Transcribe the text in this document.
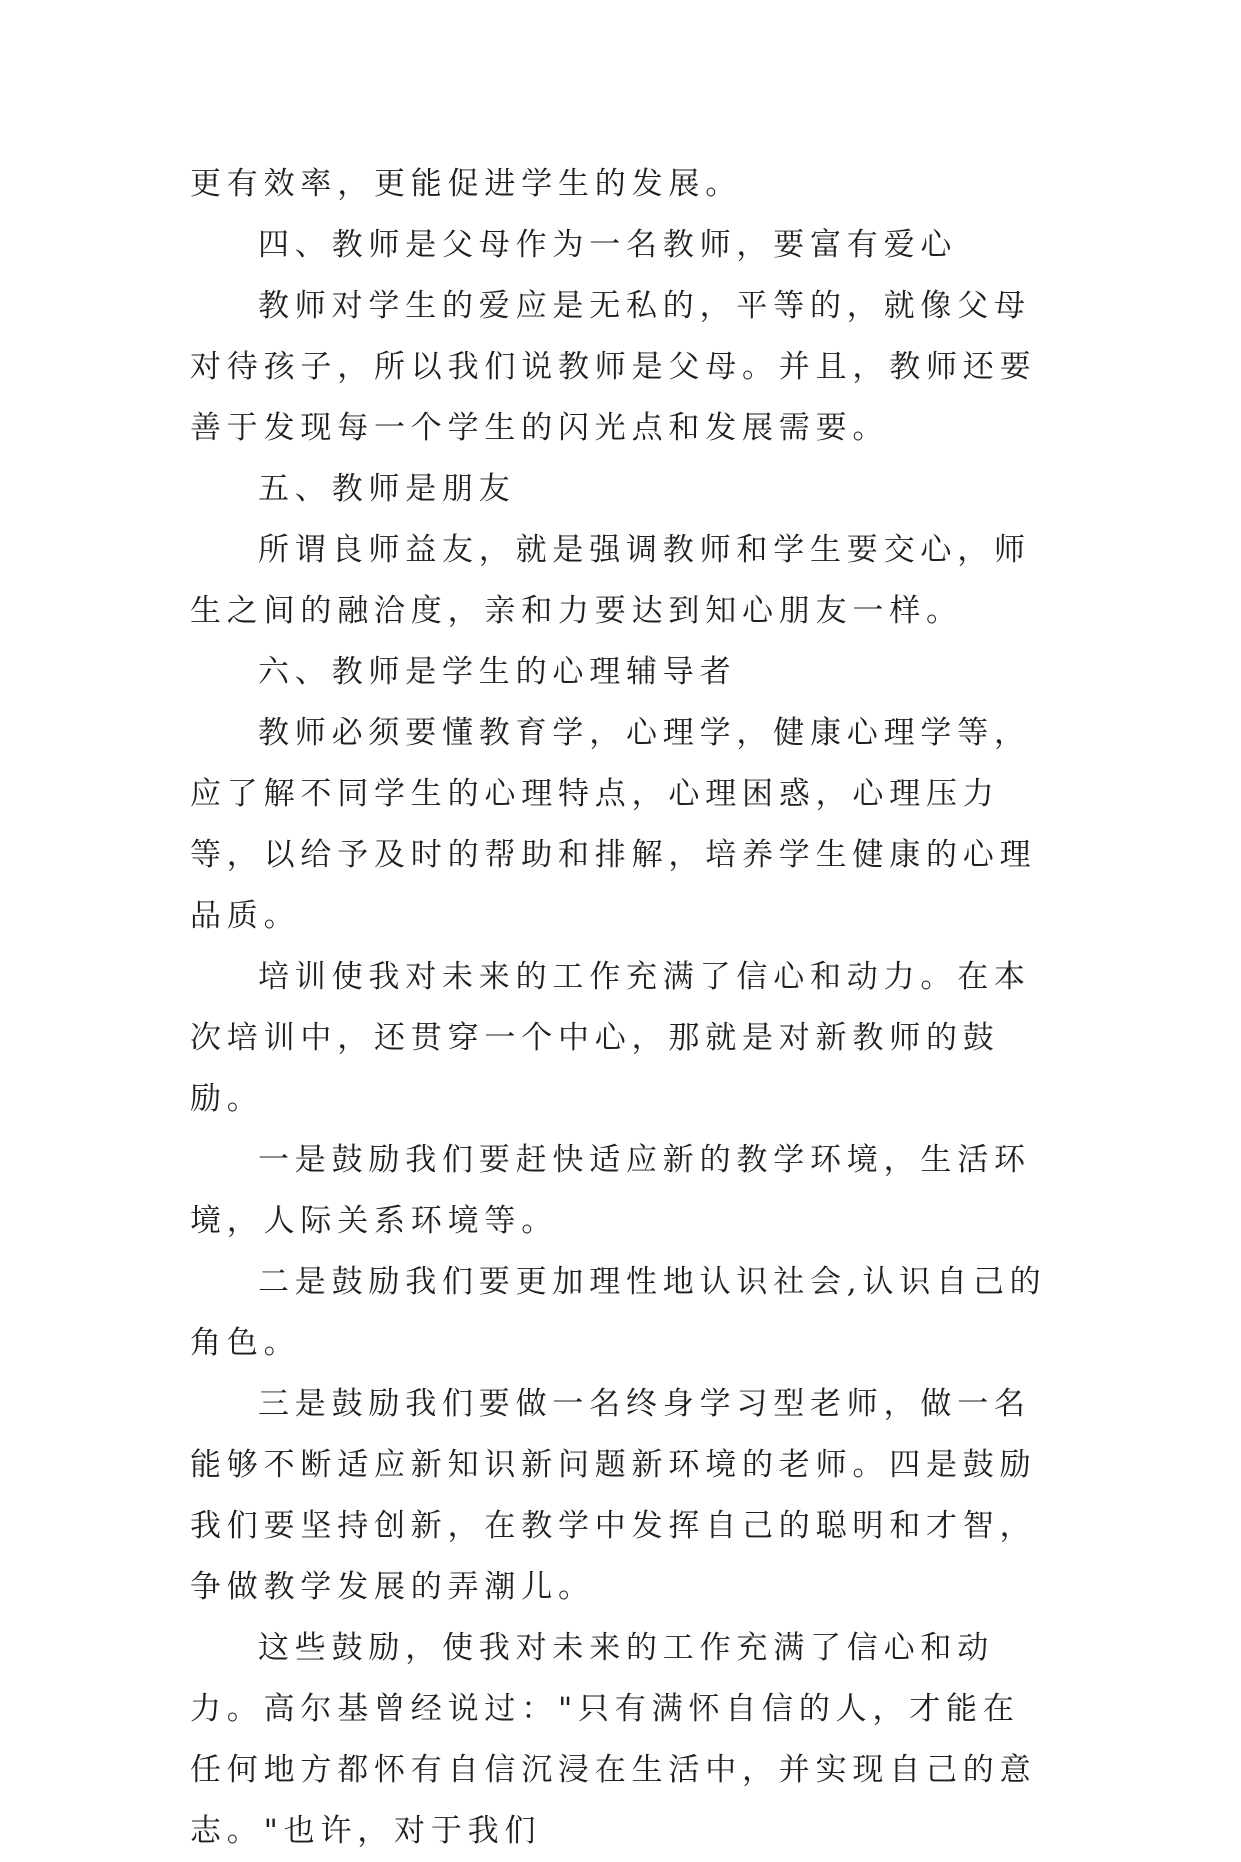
更有效率，更能促进学生的发展。

四、教师是父母作为一名教师，要富有爱心

教师对学生的爱应是无私的，平等的，就像父母对待孩子，所以我们说教师是父母。并且，教师还要善于发现每一个学生的闪光点和发展需要。

五、教师是朋友

所谓良师益友，就是强调教师和学生要交心，师生之间的融洽度，亲和力要达到知心朋友一样。

六、教师是学生的心理辅导者

教师必须要懂教育学，心理学，健康心理学等，应了解不同学生的心理特点，心理困惑，心理压力等，以给予及时的帮助和排解，培养学生健康的心理品质。

培训使我对未来的工作充满了信心和动力。在本次培训中，还贯穿一个中心，那就是对新教师的鼓励。

一是鼓励我们要赶快适应新的教学环境，生活环境，人际关系环境等。

二是鼓励我们要更加理性地认识社会,认识自己的角色。

三是鼓励我们要做一名终身学习型老师，做一名能够不断适应新知识新问题新环境的老师。四是鼓励我们要坚持创新，在教学中发挥自己的聪明和才智，争做教学发展的弄潮儿。

这些鼓励，使我对未来的工作充满了信心和动力。高尔基曾经说过："只有满怀自信的人，才能在任何地方都怀有自信沉浸在生活中，并实现自己的意志。"也许，对于我们
